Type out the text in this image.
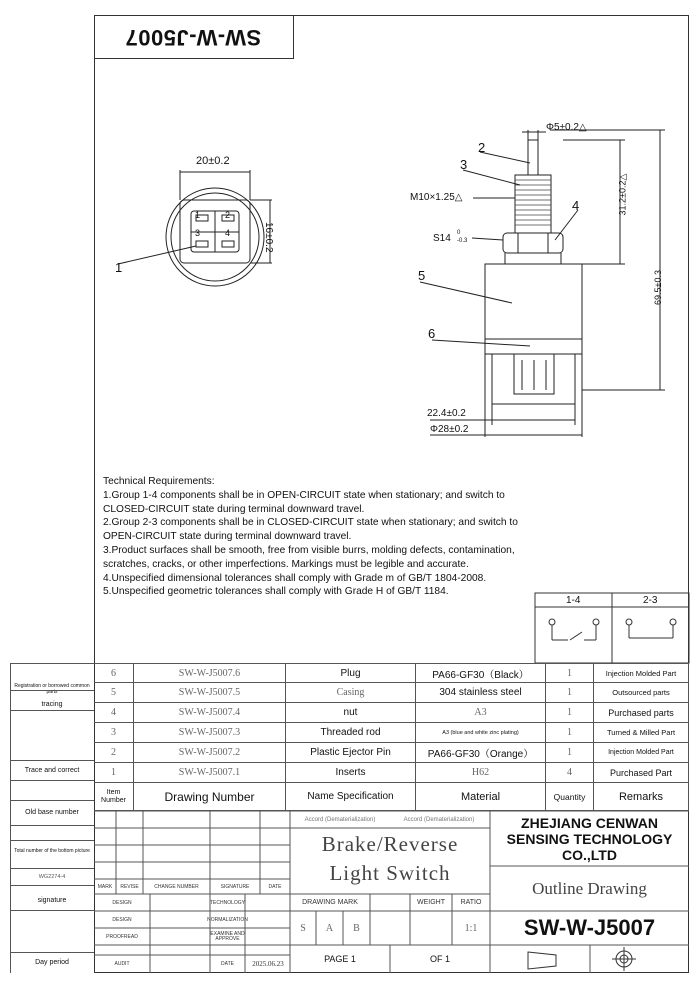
SW-W-J5007
20±0.2
16±0.2
1
1	2
3	4
Φ5±0.2△
M10×1.25△
S14 0
-0.3
31.2±0.2△
69.5±0.3
22.4±0.2
Φ28±0.2
2
3
4
5
6
Technical Requirements:
1.Group 1-4 components shall be in OPEN-CIRCUIT state when stationary; and switch to CLOSED-CIRCUIT state during terminal downward travel.
2.Group 2-3 components shall be in CLOSED-CIRCUIT state when stationary; and switch to OPEN-CIRCUIT state during terminal downward travel.
3.Product surfaces shall be smooth, free from visible burrs, molding defects, contamination, scratches, cracks, or other imperfections. Markings must be legible and accurate.
4.Unspecified dimensional tolerances shall comply with Grade m of GB/T 1804-2008.
5.Unspecified geometric tolerances shall comply with Grade H of GB/T 1184.
1-4	2-3
6	SW-W-J5007.6	Plug	PA66-GF30（Black）	1	Injection Molded Part
5	SW-W-J5007.5	Casing	304 stainless steel	1	Outsourced parts
4	SW-W-J5007.4	nut	A3	1	Purchased parts
3	SW-W-J5007.3	Threaded rod	A3 (blue and white zinc plating)	1	Turned & Milled Part
2	SW-W-J5007.2	Plastic Ejector Pin	PA66-GF30（Orange）	1	Injection Molded Part
1	SW-W-J5007.1	Inserts	H62	4	Purchased Part
Item Number	Drawing Number	Name Specification	Material	Quantity	Remarks
Registration or borrowed common parts
tracing
Trace and correct
Old base number
Total number of the bottom picture
WG2274-4
signature
Day period
MARK	REVISE	CHANGE NUMBER	SIGNATURE	DATE
DESIGN	TECHNOLOGY
DESIGN	NORMALIZATION
PROOFREAD	EXAMINE AND APPROVE
AUDIT	DATE	2025.06.23
Accord (Dematerialization)	Accord (Dematerialization)
Brake/Reverse
Light Switch
ZHEJIANG CENWAN SENSING TECHNOLOGY CO.,LTD
Outline Drawing
SW-W-J5007
DRAWING MARK	WEIGHT	RATIO
S	A	B	1:1
PAGE 1	OF 1
